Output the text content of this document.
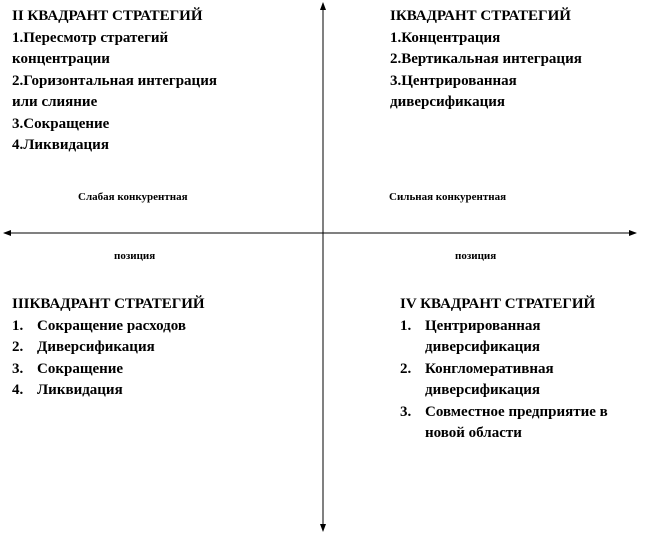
II КВАДРАНТ СТРАТЕГИЙ
1.Пересмотр стратегий
концентрации
2.Горизонтальная интеграция
или слияние
3.Сокращение
4.Ликвидация
IКВАДРАНТ СТРАТЕГИЙ
1.Концентрация
2.Вертикальная интеграция
3.Центрированная
диверсификация
Слабая конкурентная
позиция
Сильная конкурентная
позиция
IIIКВАДРАНТ СТРАТЕГИЙ
1. Сокращение расходов
2. Диверсификация
3. Сокращение
4. Ликвидация
IV КВАДРАНТ СТРАТЕГИЙ
1. Центрированная диверсификация
2. Конгломеративная диверсификация
3. Совместное предприятие в новой области
